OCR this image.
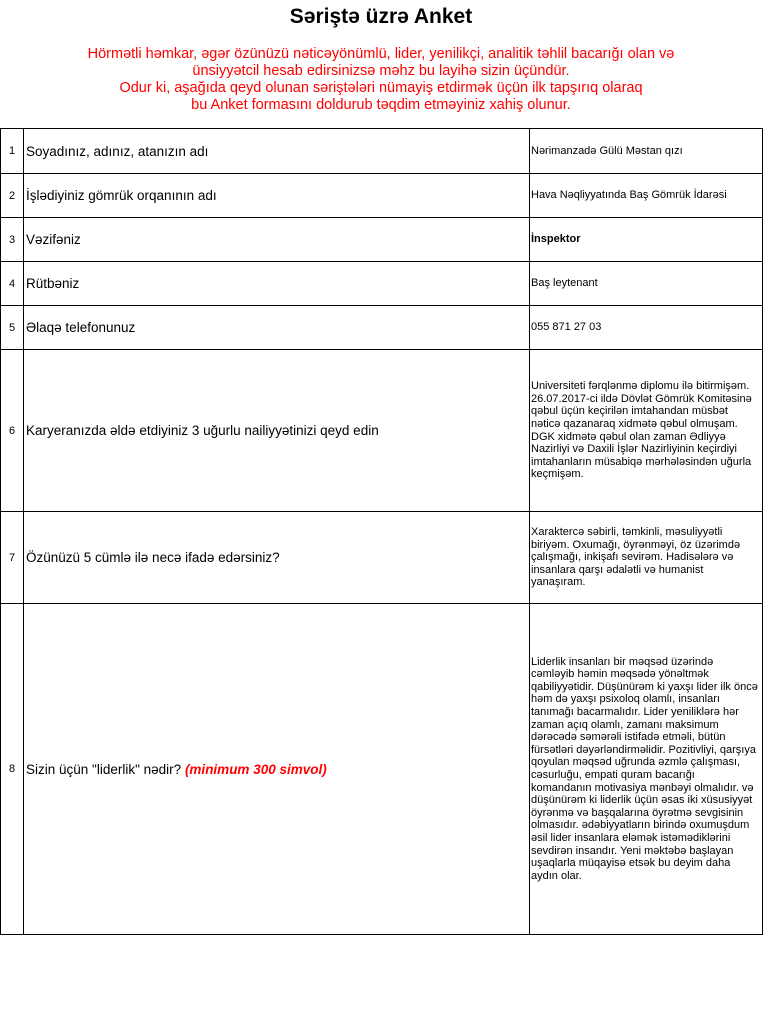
Səriştə üzrə Anket
Hörmətli həmkar, əgər özünüzü nəticəyönümlü, lider, yenilikçi, analitik təhlil bacarığı olan və
ünsiyyətcil hesab edirsinizsə məhz bu layihə sizin üçündür.
Odur ki, aşağıda qeyd olunan səriştələri nümayiş etdirmək üçün ilk tapşırıq olaraq
bu Anket formasını doldurub təqdim etməyiniz xahiş olunur.
1	Soyadınız, adınız, atanızın adı	Nərimanzadə Gülü Məstan qızı
2	İşlədiyiniz gömrük orqanının adı	Hava Nəqliyyatında Baş Gömrük İdarəsi
3	Vəzifəniz	İnspektor
4	Rütbəniz	Baş leytenant
5	Əlaqə telefonunuz	055 871 27 03
6	Karyeranızda əldə etdiyiniz 3 uğurlu nailiyyətinizi qeyd edin	Universiteti fərqlənmə diplomu ilə bitirmişəm. 26.07.2017-ci ildə Dövlət Gömrük Komitəsinə qəbul üçün keçirilən imtahandan müsbət nəticə qazanaraq xidmətə qəbul olmuşam. DGK xidmətə qəbul olan zaman Ədliyyə Nazirliyi və Daxili İşlər Nazirliyinin keçirdiyi imtahanların müsabiqə mərhələsindən uğurla keçmişəm.
7	Özünüzü 5 cümlə ilə necə ifadə edərsiniz?	Xaraktercə səbirli, təmkinli, məsuliyyətli biriyəm. Oxumağı, öyrənməyi, öz üzərimdə çalışmağı, inkişafı sevirəm. Hadisələrə və insanlara qarşı ədalətli və humanist yanaşıram.
8	Sizin üçün "liderlik" nədir? (minimum 300 simvol)	Liderlik insanları bir məqsəd üzərində cəmləyib həmin məqsədə yönəltmək qabiliyyətidir. Düşünürəm ki yaxşı lider ilk öncə həm də yaxşı psixoloq olamlı, insanları tanımağı bacarmalıdır. Lider yeniliklərə hər zaman açıq olamlı, zamanı maksimum dərəcədə səmərəli istifadə etməli, bütün fürsətləri dəyərləndirməlidir. Pozitivliyi, qarşıya qoyulan məqsəd uğrunda əzmlə çalışması, cəsurluğu, empati quram bacarığı komandanın motivasiya mənbəyi olmalıdır. və düşünürəm ki liderlik üçün əsas iki xüsusiyyət öyrənmə və başqalarına öyrətmə sevgisinin olmasıdır. ədəbiyyatların birində oxumuşdum əsil lider insanlara eləmək istəmədiklərini sevdirən insandır. Yeni məktəbə başlayan uşaqlarla müqayisə etsək bu deyim daha aydın olar.
